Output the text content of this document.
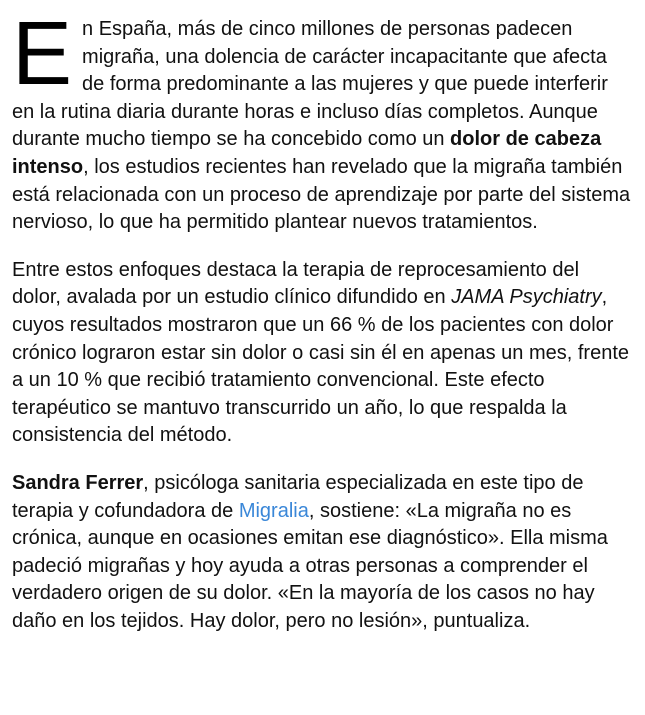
En España, más de cinco millones de personas padecen migraña, una dolencia de carácter incapacitante que afecta de forma predominante a las mujeres y que puede interferir en la rutina diaria durante horas e incluso días completos. Aunque durante mucho tiempo se ha concebido como un dolor de cabeza intenso, los estudios recientes han revelado que la migraña también está relacionada con un proceso de aprendizaje por parte del sistema nervioso, lo que ha permitido plantear nuevos tratamientos.

Entre estos enfoques destaca la terapia de reprocesamiento del dolor, avalada por un estudio clínico difundido en JAMA Psychiatry, cuyos resultados mostraron que un 66 % de los pacientes con dolor crónico lograron estar sin dolor o casi sin él en apenas un mes, frente a un 10 % que recibió tratamiento convencional. Este efecto terapéutico se mantuvo transcurrido un año, lo que respalda la consistencia del método.

Sandra Ferrer, psicóloga sanitaria especializada en este tipo de terapia y cofundadora de Migralia, sostiene: «La migraña no es crónica, aunque en ocasiones emitan ese diagnóstico». Ella misma padeció migrañas y hoy ayuda a otras personas a comprender el verdadero origen de su dolor. «En la mayoría de los casos no hay daño en los tejidos. Hay dolor, pero no lesión», puntualiza.
